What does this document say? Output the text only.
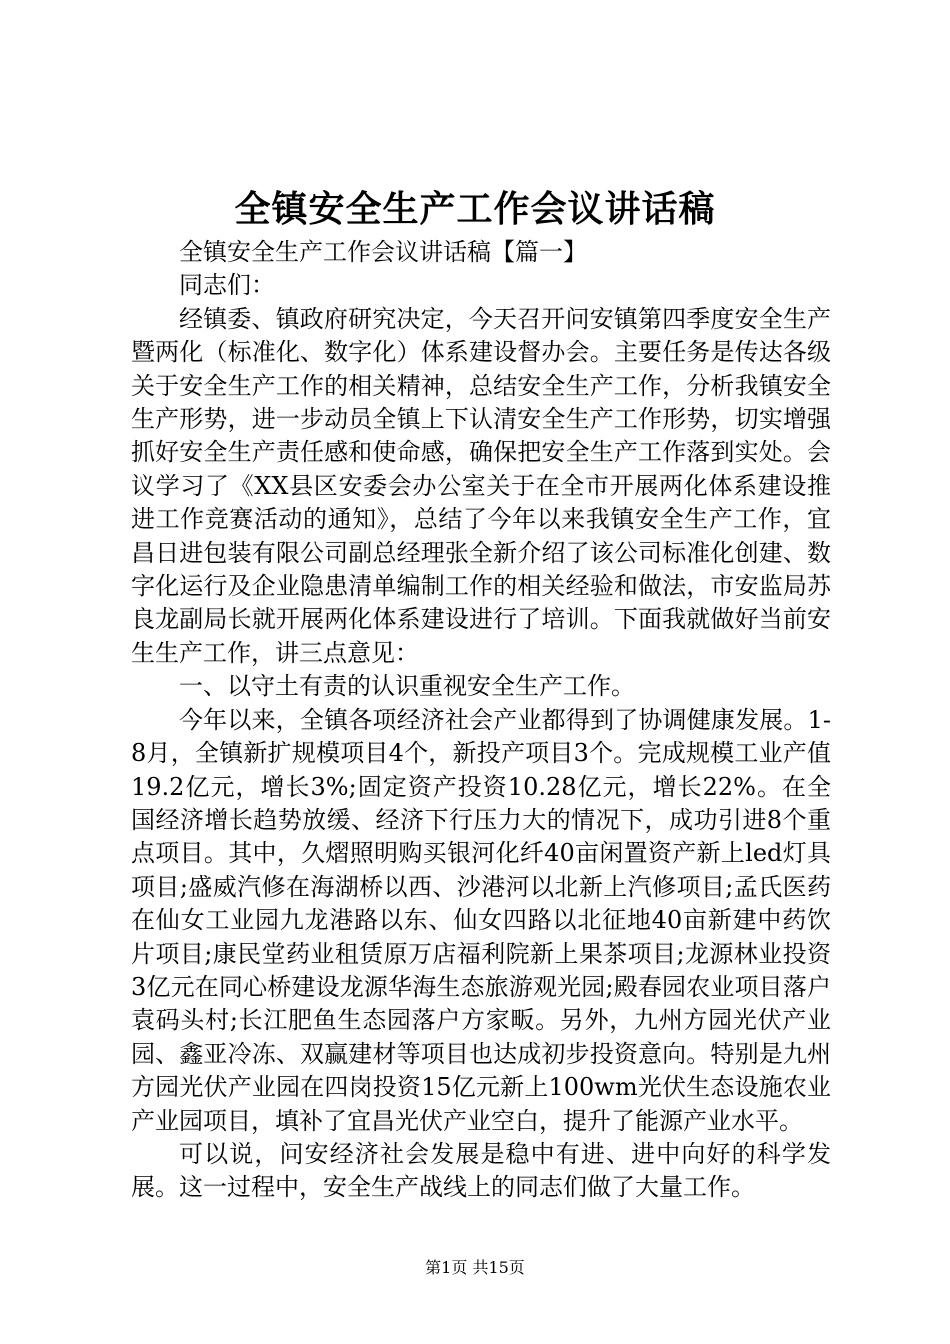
全镇安全生产工作会议讲话稿

全镇安全生产工作会议讲话稿【篇一】

同志们：

经镇委、镇政府研究决定，今天召开问安镇第四季度安全生产暨两化（标准化、数字化）体系建设督办会。主要任务是传达各级关于安全生产工作的相关精神，总结安全生产工作，分析我镇安全生产形势，进一步动员全镇上下认清安全生产工作形势，切实增强抓好安全生产责任感和使命感，确保把安全生产工作落到实处。会议学习了《XX县区安委会办公室关于在全市开展两化体系建设推进工作竞赛活动的通知》，总结了今年以来我镇安全生产工作，宜昌日进包装有限公司副总经理张全新介绍了该公司标准化创建、数字化运行及企业隐患清单编制工作的相关经验和做法，市安监局苏良龙副局长就开展两化体系建设进行了培训。下面我就做好当前安生生产工作，讲三点意见：

一、以守土有责的认识重视安全生产工作。

今年以来，全镇各项经济社会产业都得到了协调健康发展。1-8月，全镇新扩规模项目4个，新投产项目3个。完成规模工业产值19.2亿元，增长3%;固定资产投资10.28亿元，增长22%。在全国经济增长趋势放缓、经济下行压力大的情况下，成功引进8个重点项目。其中，久熠照明购买银河化纤40亩闲置资产新上led灯具项目;盛威汽修在海湖桥以西、沙港河以北新上汽修项目;孟氏医药在仙女工业园九龙港路以东、仙女四路以北征地40亩新建中药饮片项目;康民堂药业租赁原万店福利院新上果茶项目;龙源林业投资3亿元在同心桥建设龙源华海生态旅游观光园;殿春园农业项目落户袁码头村;长江肥鱼生态园落户方家畈。另外，九州方园光伏产业园、鑫亚冷冻、双赢建材等项目也达成初步投资意向。特别是九州方园光伏产业园在四岗投资15亿元新上100wm光伏生态设施农业产业园项目，填补了宜昌光伏产业空白，提升了能源产业水平。

可以说，问安经济社会发展是稳中有进、进中向好的科学发展。这一过程中，安全生产战线上的同志们做了大量工作。

第1页 共15页
